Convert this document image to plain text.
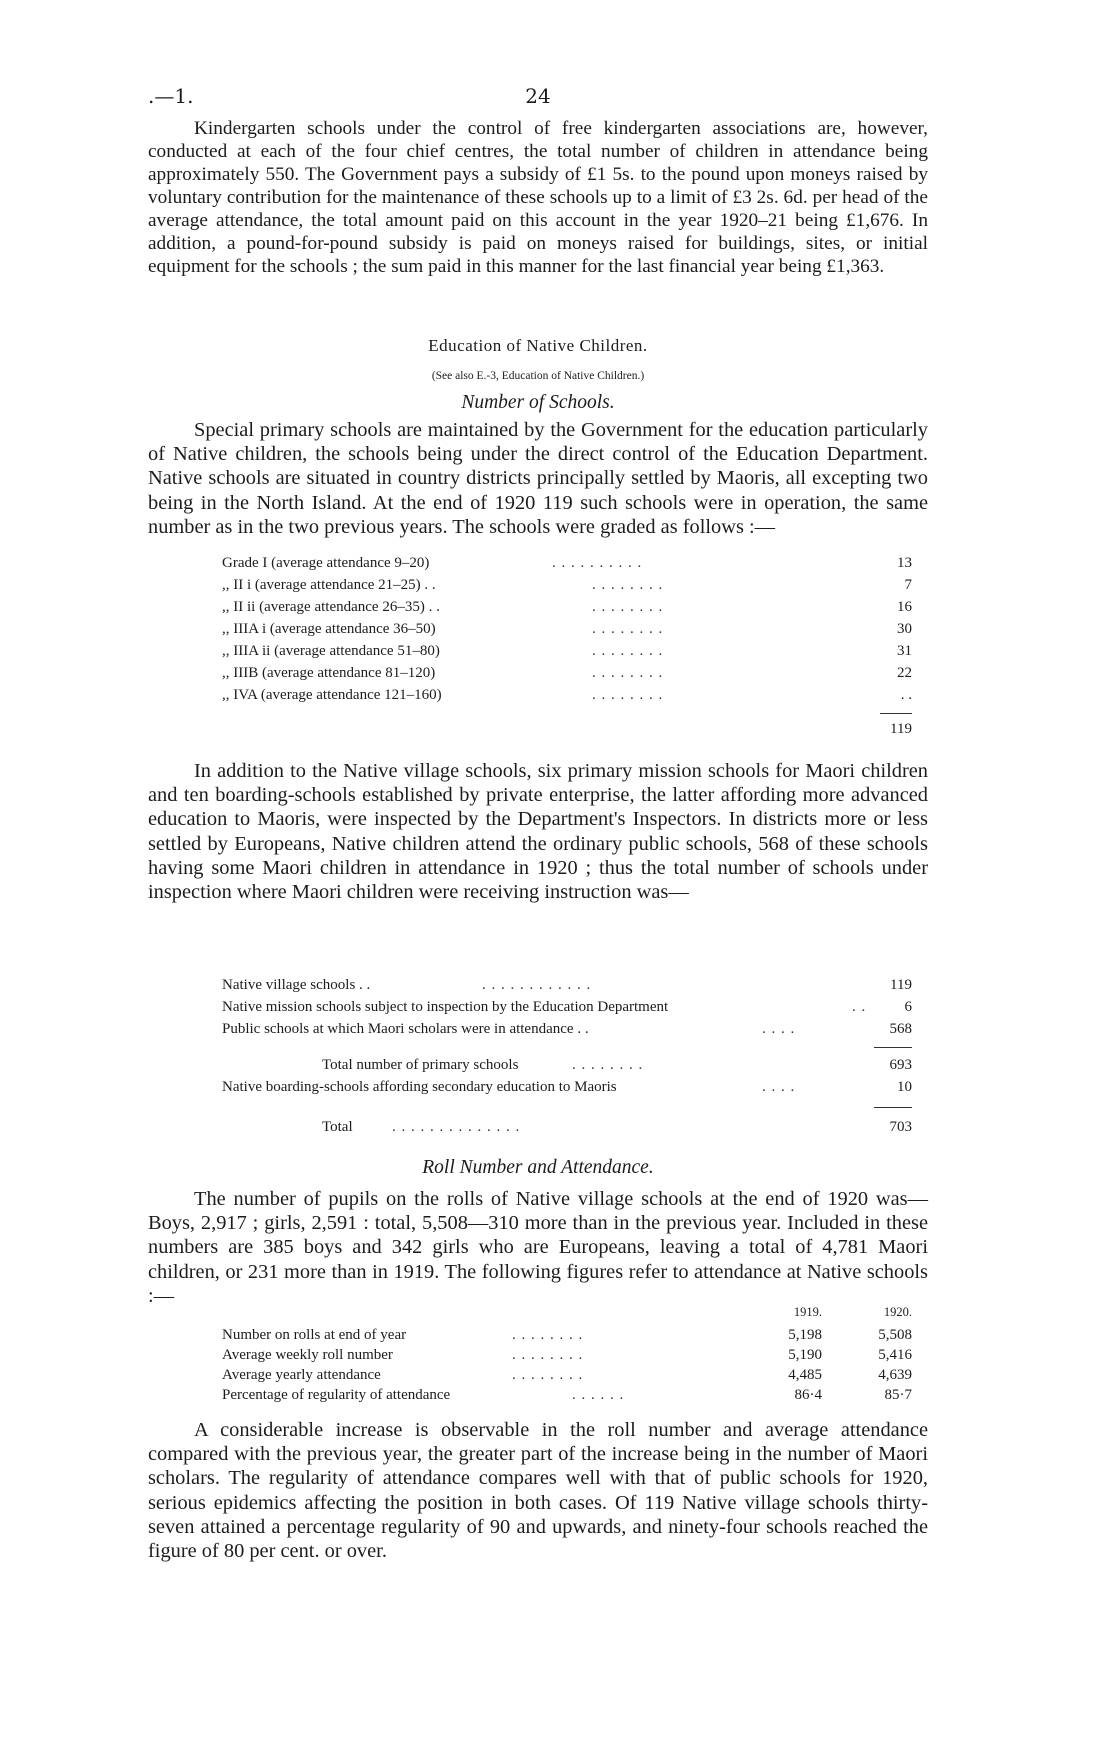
.—1.	24

Kindergarten schools under the control of free kindergarten associations are, however, conducted at each of the four chief centres, the total number of children in attendance being approximately 550. The Government pays a subsidy of £1 5s. to the pound upon moneys raised by voluntary contribution for the maintenance of these schools up to a limit of £3 2s. 6d. per head of the average attendance, the total amount paid on this account in the year 1920–21 being £1,676. In addition, a pound-for-pound subsidy is paid on moneys raised for buildings, sites, or initial equipment for the schools ; the sum paid in this manner for the last financial year being £1,363.

Education of Native Children.
(See also E.-3, Education of Native Children.)
Number of Schools.

Special primary schools are maintained by the Government for the education particularly of Native children, the schools being under the direct control of the Education Department. Native schools are situated in country districts principally settled by Maoris, all excepting two being in the North Island. At the end of 1920 119 such schools were in operation, the same number as in the two previous years. The schools were graded as follows :—

Grade I (average attendance 9–20)	. . . . . . . . . .	13
,, II i (average attendance 21–25) . .	. . . . . . . .	7
,, II ii (average attendance 26–35) . .	. . . . . . . .	16
,, IIIA i (average attendance 36–50)	. . . . . . . .	30
,, IIIA ii (average attendance 51–80)	. . . . . . . .	31
,, IIIB (average attendance 81–120)	. . . . . . . .	22
,, IVA (average attendance 121–160)	. . . . . . . .	. .
119

In addition to the Native village schools, six primary mission schools for Maori children and ten boarding-schools established by private enterprise, the latter affording more advanced education to Maoris, were inspected by the Department's Inspectors. In districts more or less settled by Europeans, Native children attend the ordinary public schools, 568 of these schools having some Maori children in attendance in 1920 ; thus the total number of schools under inspection where Maori children were receiving instruction was—

Native village schools . .	. . . . . . . . . . . .	119
Native mission schools subject to inspection by the Education Department	. .	6
Public schools at which Maori scholars were in attendance . .	. . . .	568
Total number of primary schools	. . . . . . . .	693
Native boarding-schools affording secondary education to Maoris	. . . .	10
Total	. . . . . . . . . . . . . .	703
Roll Number and Attendance.

The number of pupils on the rolls of Native village schools at the end of 1920 was—Boys, 2,917 ; girls, 2,591 : total, 5,508—310 more than in the previous year. Included in these numbers are 385 boys and 342 girls who are Europeans, leaving a total of 4,781 Maori children, or 231 more than in 1919. The following figures refer to attendance at Native schools :—

1919.	1920.
Number on rolls at end of year	. . . . . . . .	5,198	5,508
Average weekly roll number	. . . . . . . .	5,190	5,416
Average yearly attendance	. . . . . . . .	4,485	4,639
Percentage of regularity of attendance	. . . . . .	86·4	85·7

A considerable increase is observable in the roll number and average attendance compared with the previous year, the greater part of the increase being in the number of Maori scholars. The regularity of attendance compares well with that of public schools for 1920, serious epidemics affecting the position in both cases. Of 119 Native village schools thirty-seven attained a percentage regularity of 90 and upwards, and ninety-four schools reached the figure of 80 per cent. or over.
